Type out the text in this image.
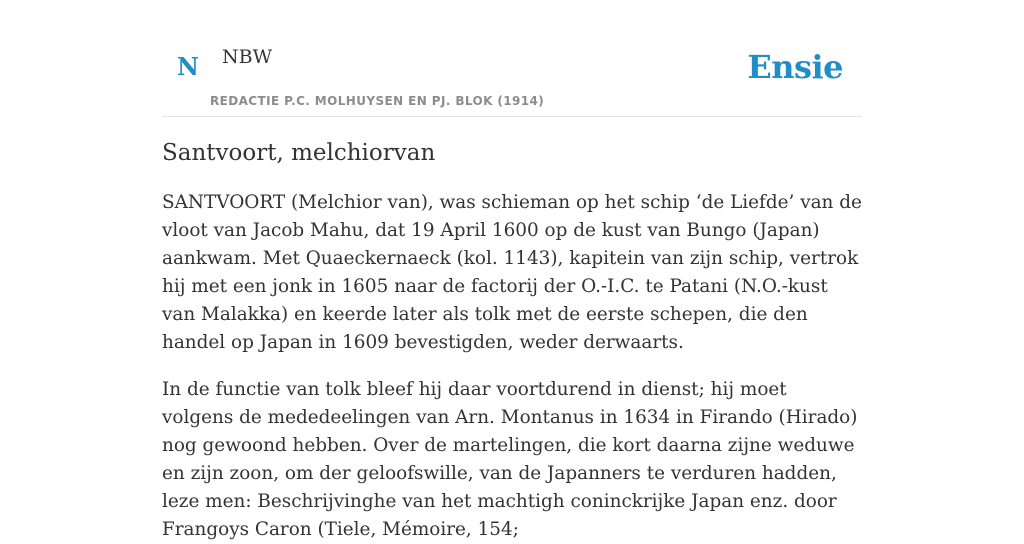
N NBW
REDACTIE P.C. MOLHUYSEN EN PJ. BLOK (1914)
Ensie
Santvoort, melchiorvan

SANTVOORT (Melchior van), was schieman op het schip ‘de Liefde’ van de vloot van Jacob Mahu, dat 19 April 1600 op de kust van Bungo (Japan) aankwam. Met Quaeckernaeck (kol. 1143), kapitein van zijn schip, vertrok hij met een jonk in 1605 naar de factorij der O.-I.C. te Patani (N.O.-kust van Malakka) en keerde later als tolk met de eerste schepen, die den handel op Japan in 1609 bevestigden, weder derwaarts.

In de functie van tolk bleef hij daar voortdurend in dienst; hij moet volgens de mededeelingen van Arn. Montanus in 1634 in Firando (Hirado) nog gewoond hebben. Over de martelingen, die kort daarna zijne weduwe en zijn zoon, om der geloofswille, van de Japanners te verduren hadden, leze men: Beschrijvinghe van het machtigh coninckrijke Japan enz. door Frangoys Caron (Tiele, Mémoire, 154;
